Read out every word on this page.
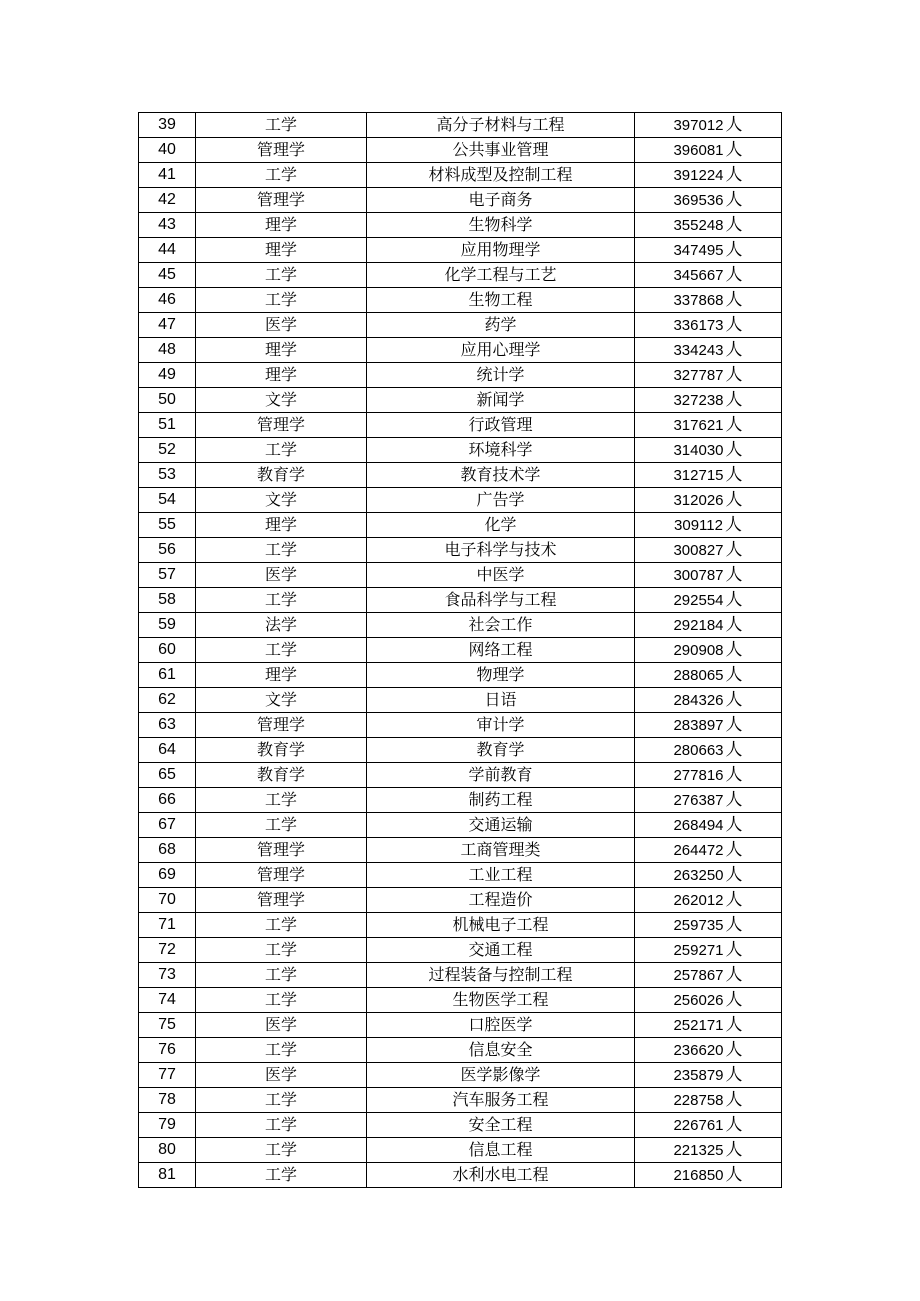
39	工学	高分子材料与工程	397012 人
40	管理学	公共事业管理	396081 人
41	工学	材料成型及控制工程	391224 人
42	管理学	电子商务	369536 人
43	理学	生物科学	355248 人
44	理学	应用物理学	347495 人
45	工学	化学工程与工艺	345667 人
46	工学	生物工程	337868 人
47	医学	药学	336173 人
48	理学	应用心理学	334243 人
49	理学	统计学	327787 人
50	文学	新闻学	327238 人
51	管理学	行政管理	317621 人
52	工学	环境科学	314030 人
53	教育学	教育技术学	312715 人
54	文学	广告学	312026 人
55	理学	化学	309112 人
56	工学	电子科学与技术	300827 人
57	医学	中医学	300787 人
58	工学	食品科学与工程	292554 人
59	法学	社会工作	292184 人
60	工学	网络工程	290908 人
61	理学	物理学	288065 人
62	文学	日语	284326 人
63	管理学	审计学	283897 人
64	教育学	教育学	280663 人
65	教育学	学前教育	277816 人
66	工学	制药工程	276387 人
67	工学	交通运输	268494 人
68	管理学	工商管理类	264472 人
69	管理学	工业工程	263250 人
70	管理学	工程造价	262012 人
71	工学	机械电子工程	259735 人
72	工学	交通工程	259271 人
73	工学	过程装备与控制工程	257867 人
74	工学	生物医学工程	256026 人
75	医学	口腔医学	252171 人
76	工学	信息安全	236620 人
77	医学	医学影像学	235879 人
78	工学	汽车服务工程	228758 人
79	工学	安全工程	226761 人
80	工学	信息工程	221325 人
81	工学	水利水电工程	216850 人
